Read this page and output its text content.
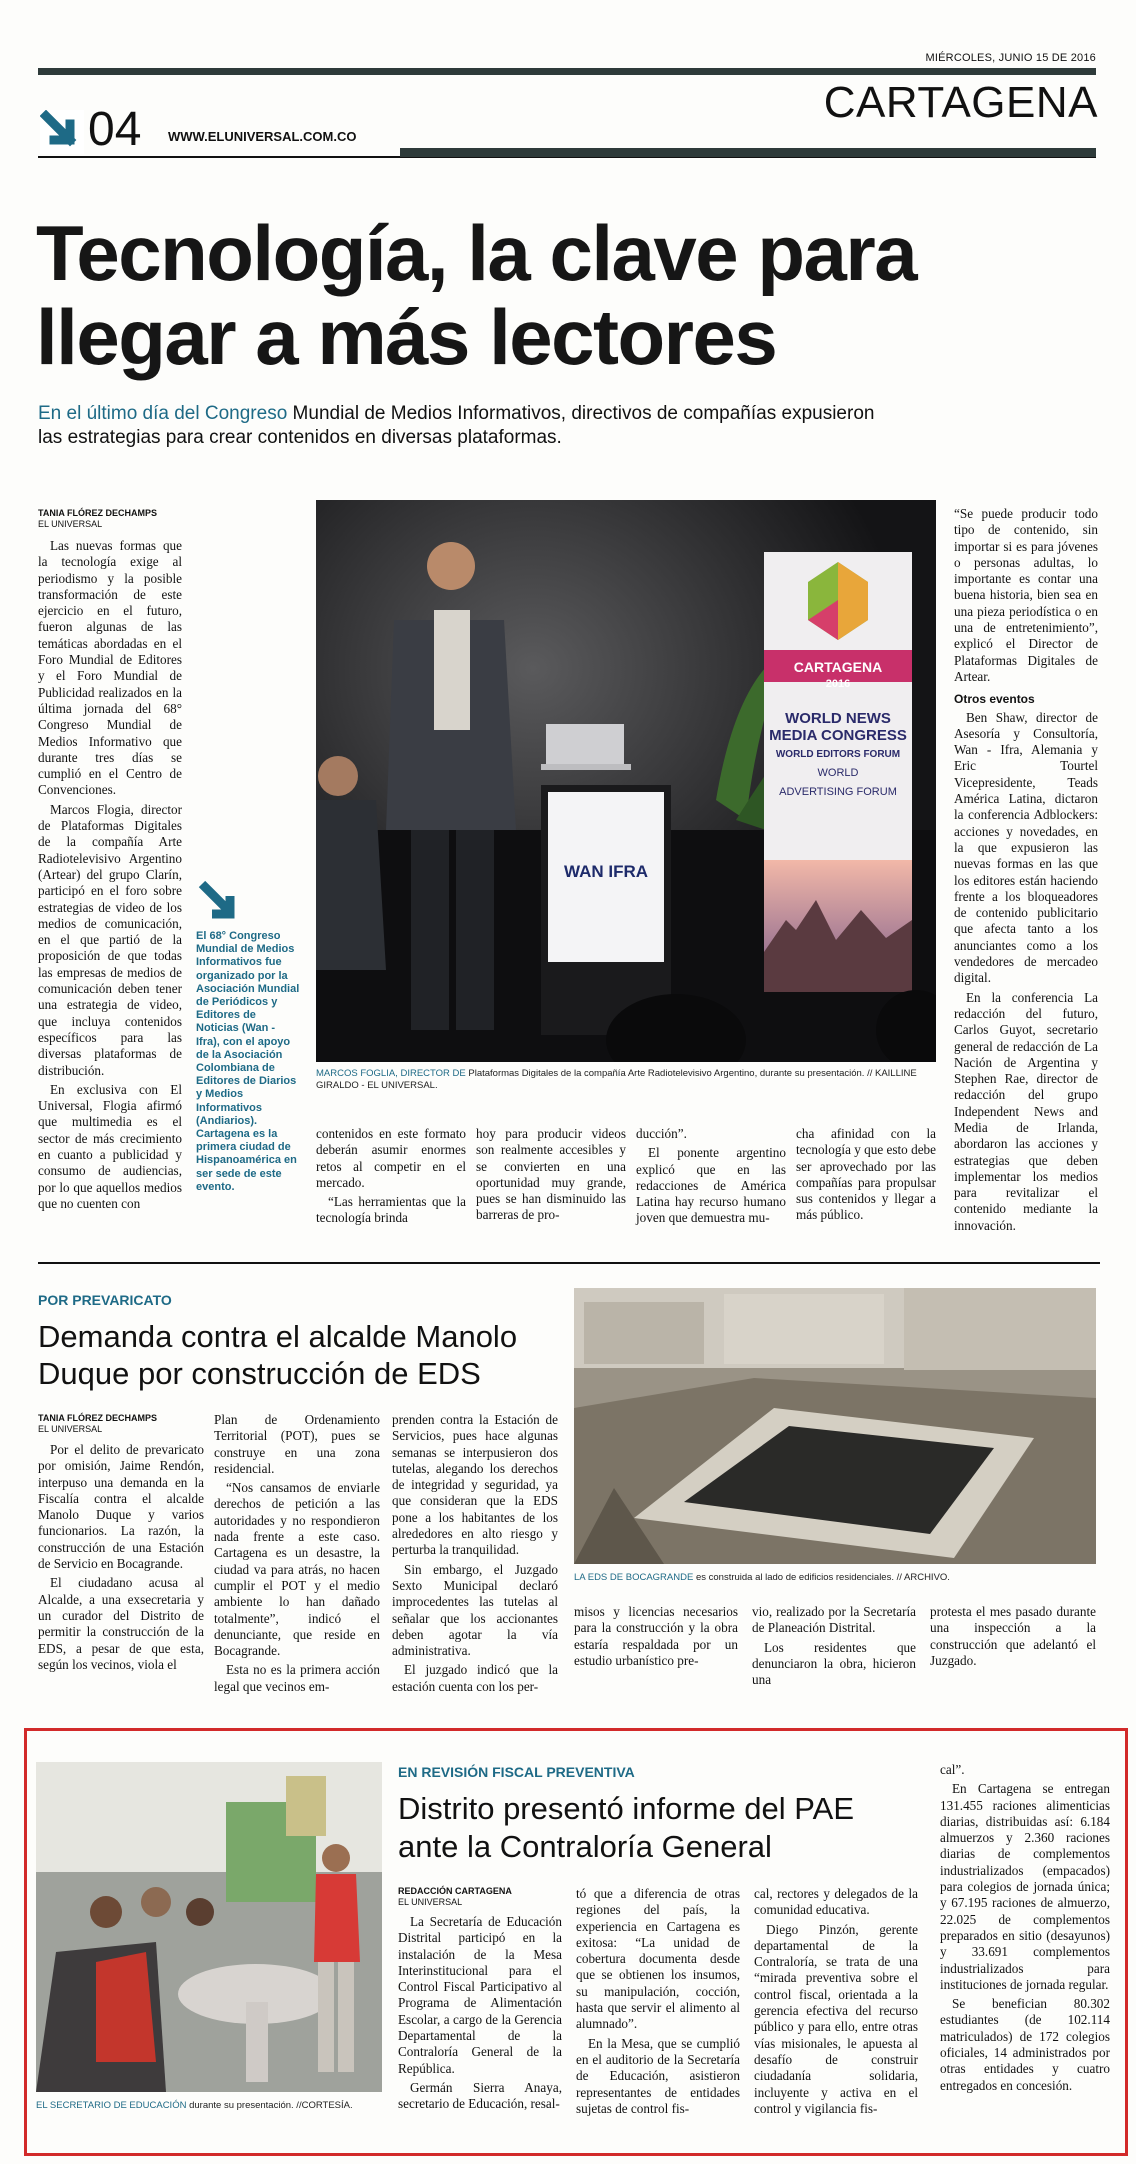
MIÉRCOLES, JUNIO 15 DE 2016
CARTAGENA
04 WWW.ELUNIVERSAL.COM.CO
Tecnología, la clave para
llegar a más lectores
En el último día del Congreso Mundial de Medios Informativos, directivos de compañías expusieron
las estrategias para crear contenidos en diversas plataformas.
TANIA FLÓREZ DECHAMPS
EL UNIVERSAL

Las nuevas formas que la tecnología exige al periodismo y la posible transformación de este ejercicio en el futuro, fueron algunas de las temáticas abordadas en el Foro Mundial de Editores y el Foro Mundial de Publicidad realizados en la última jornada del 68° Congreso Mundial de Medios Informativo que durante tres días se cumplió en el Centro de Convenciones.

Marcos Flogia, director de Plataformas Digitales de la compañía Arte Radiotelevisivo Argentino (Artear) del grupo Clarín, participó en el foro sobre estrategias de video de los medios de comunicación, en el que partió de la proposición de que todas las empresas de medios de comunicación deben tener una estrategia de video, que incluya contenidos específicos para las diversas plataformas de distribución.

En exclusiva con El Universal, Flogia afirmó que multimedia es el sector de más crecimiento en cuanto a publicidad y consumo de audiencias, por lo que aquellos medios que no cuenten con

El 68° Congreso Mundial de Medios Informativos fue organizado por la Asociación Mundial de Periódicos y Editores de Noticias (Wan - Ifra), con el apoyo de la Asociación Colombiana de Editores de Diarios y Medios Informativos (Andiarios). Cartagena es la primera ciudad de Hispanoamérica en ser sede de este evento.
CARTAGENA
2016
WORLD NEWS
MEDIA CONGRESS
WORLD EDITORS FORUM
WORLD
ADVERTISING FORUM
WAN IFRA
MARCOS FOGLIA, DIRECTOR DE Plataformas Digitales de la compañía Arte Radiotelevisivo Argentino, durante su presentación. // KAILLINE GIRALDO - EL UNIVERSAL.

contenidos en este formato deberán asumir enormes retos al competir en el mercado.

“Las herramientas que la tecnología brinda

hoy para producir videos son realmente accesibles y se convierten en una oportunidad muy grande, pues se han disminuido las barreras de pro-

ducción”.

El ponente argentino explicó que en las redacciones de América Latina hay recurso humano joven que demuestra mu-

cha afinidad con la tecnología y que esto debe ser aprovechado por las compañías para propulsar sus contenidos y llegar a más público.

“Se puede producir todo tipo de contenido, sin importar si es para jóvenes o personas adultas, lo importante es contar una buena historia, bien sea en una pieza periodística o en una de entretenimiento”, explicó el Director de Plataformas Digitales de Artear.

Otros eventos

Ben Shaw, director de Asesoría y Consultoría, Wan - Ifra, Alemania y Eric Tourtel Vicepresidente, Teads América Latina, dictaron la conferencia Adblockers: acciones y novedades, en la que expusieron las nuevas formas en las que los editores están haciendo frente a los bloqueadores de contenido publicitario que afecta tanto a los anunciantes como a los vendedores de mercadeo digital.

En la conferencia La redacción del futuro, Carlos Guyot, secretario general de redacción de La Nación de Argentina y Stephen Rae, director de redacción del grupo Independent News and Media de Irlanda, abordaron las acciones y estrategias que deben implementar los medios para revitalizar el contenido mediante la innovación.

POR PREVARICATO
Demanda contra el alcalde Manolo
Duque por construcción de EDS
TANIA FLÓREZ DECHAMPS
EL UNIVERSAL

Por el delito de prevaricato por omisión, Jaime Rendón, interpuso una demanda en la Fiscalía contra el alcalde Manolo Duque y varios funcionarios. La razón, la construcción de una Estación de Servicio en Bocagrande.

El ciudadano acusa al Alcalde, a una exsecretaria y un curador del Distrito de permitir la construcción de la EDS, a pesar de que esta, según los vecinos, viola el

Plan de Ordenamiento Territorial (POT), pues se construye en una zona residencial.

“Nos cansamos de enviarle derechos de petición a las autoridades y no respondieron nada frente a este caso. Cartagena es un desastre, la ciudad va para atrás, no hacen cumplir el POT y el medio ambiente lo han dañado totalmente”, indicó el denunciante, que reside en Bocagrande.

Esta no es la primera acción legal que vecinos em-

prenden contra la Estación de Servicios, pues hace algunas semanas se interpusieron dos tutelas, alegando los derechos de integridad y seguridad, ya que consideran que la EDS pone a los habitantes de los alrededores en alto riesgo y perturba la tranquilidad.

Sin embargo, el Juzgado Sexto Municipal declaró improcedentes las tutelas al señalar que los accionantes deben agotar la vía administrativa.

El juzgado indicó que la estación cuenta con los per-

LA EDS DE BOCAGRANDE es construida al lado de edificios residenciales. // ARCHIVO.

misos y licencias necesarios para la construcción y la obra estaría respaldada por un estudio urbanístico pre-

vio, realizado por la Secretaría de Planeación Distrital.

Los residentes que denunciaron la obra, hicieron una

protesta el mes pasado durante una inspección a la construcción que adelantó el Juzgado.

EL SECRETARIO DE EDUCACIÓN durante su presentación. //CORTESÍA.
EN REVISIÓN FISCAL PREVENTIVA
Distrito presentó informe del PAE
ante la Contraloría General
REDACCIÓN CARTAGENA
EL UNIVERSAL

La Secretaría de Educación Distrital participó en la instalación de la Mesa Interinstitucional para el Control Fiscal Participativo al Programa de Alimentación Escolar, a cargo de la Gerencia Departamental de la Contraloría General de la República.

Germán Sierra Anaya, secretario de Educación, resal-

tó que a diferencia de otras regiones del país, la experiencia en Cartagena es exitosa: “La unidad de cobertura documenta desde que se obtienen los insumos, su manipulación, cocción, hasta que servir el alimento al alumnado”.

En la Mesa, que se cumplió en el auditorio de la Secretaría de Educación, asistieron representantes de entidades sujetas de control fis-

cal, rectores y delegados de la comunidad educativa.

Diego Pinzón, gerente departamental de la Contraloría, se trata de una “mirada preventiva sobre el control fiscal, orientada a la gerencia efectiva del recurso público y para ello, entre otras vías misionales, le apuesta al desafío de construir ciudadanía solidaria, incluyente y activa en el control y vigilancia fis-

cal”.

En Cartagena se entregan 131.455 raciones alimenticias diarias, distribuidas así: 6.184 almuerzos y 2.360 raciones diarias de complementos industrializados (empacados) para colegios de jornada única; y 67.195 raciones de almuerzo, 22.025 de complementos preparados en sitio (desayunos) y 33.691 complementos industrializados para instituciones de jornada regular.

Se benefician 80.302 estudiantes (de 102.114 matriculados) de 172 colegios oficiales, 14 administrados por otras entidades y cuatro entregados en concesión.
